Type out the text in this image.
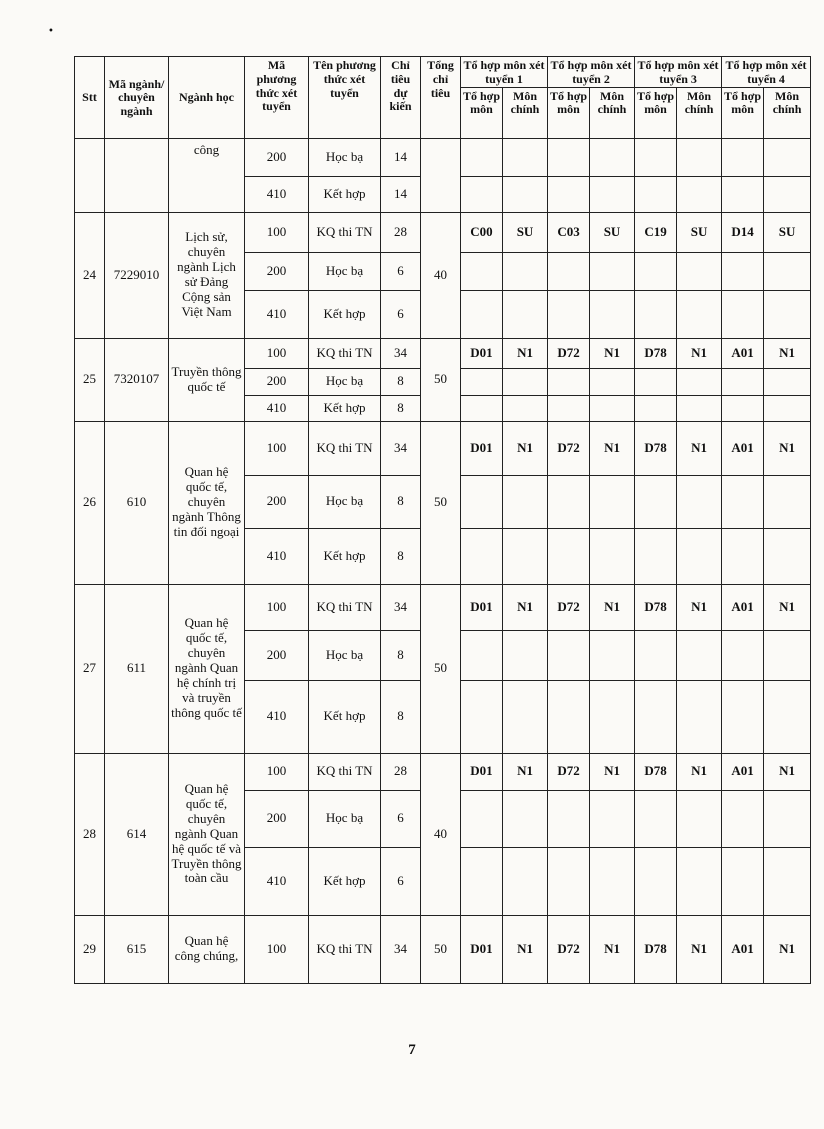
•
Stt	Mã ngành/ chuyên ngành	Ngành học	Mã phương thức xét tuyển	Tên phương thức xét tuyển	Chỉ tiêu dự kiến	Tổng chỉ tiêu	Tổ hợp môn xét tuyển 1		Tổ hợp môn xét tuyển 2		Tổ hợp môn xét tuyển 3		Tổ hợp môn xét tuyển 4	
							Tổ hợp môn	Môn chính	Tổ hợp môn	Môn chính	Tổ hợp môn	Môn chính	Tổ hợp môn	Môn chính
		công	200	Học bạ	14									
			410	Kết hợp	14									
24	7229010	Lịch sử, chuyên ngành Lịch sử Đảng Cộng sản Việt Nam	100	KQ thi TN	28	40	C00	SU	C03	SU	C19	SU	D14	SU
			200	Học bạ	6									
			410	Kết hợp	6									
25	7320107	Truyền thông quốc tế	100	KQ thi TN	34	50	D01	N1	D72	N1	D78	N1	A01	N1
			200	Học bạ	8									
			410	Kết hợp	8									
26	610	Quan hệ quốc tế, chuyên ngành Thông tin đối ngoại	100	KQ thi TN	34	50	D01	N1	D72	N1	D78	N1	A01	N1
			200	Học bạ	8									
			410	Kết hợp	8									
27	611	Quan hệ quốc tế, chuyên ngành Quan hệ chính trị và truyền thông quốc tế	100	KQ thi TN	34	50	D01	N1	D72	N1	D78	N1	A01	N1
			200	Học bạ	8									
			410	Kết hợp	8									
28	614	Quan hệ quốc tế, chuyên ngành Quan hệ quốc tế và Truyền thông toàn cầu	100	KQ thi TN	28	40	D01	N1	D72	N1	D78	N1	A01	N1
			200	Học bạ	6									
			410	Kết hợp	6									
29	615	Quan hệ công chúng,	100	KQ thi TN	34	50	D01	N1	D72	N1	D78	N1	A01	N1
7
